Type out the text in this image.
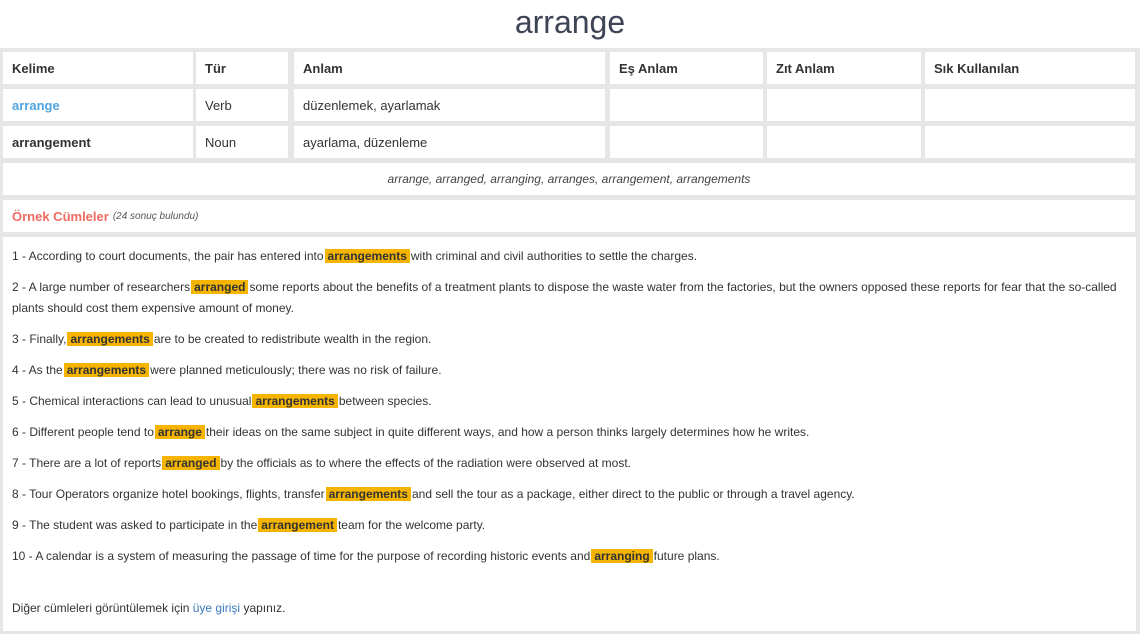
arrange
Kelime	Tür	Anlam	Eş Anlam	Zıt Anlam	Sık Kullanılan
arrange	Verb	düzenlemek, ayarlamak
arrangement	Noun	ayarlama, düzenleme
arrange, arranged, arranging, arranges, arrangement, arrangements
Örnek Cümleler (24 sonuç bulundu)
1 - According to court documents, the pair has entered into arrangements with criminal and civil authorities to settle the charges.
2 - A large number of researchers arranged some reports about the benefits of a treatment plants to dispose the waste water from the factories, but the owners opposed these reports for fear that the so-called plants should cost them expensive amount of money.
3 - Finally, arrangements are to be created to redistribute wealth in the region.
4 - As the arrangements were planned meticulously; there was no risk of failure.
5 - Chemical interactions can lead to unusual arrangements between species.
6 - Different people tend to arrange their ideas on the same subject in quite different ways, and how a person thinks largely determines how he writes.
7 - There are a lot of reports arranged by the officials as to where the effects of the radiation were observed at most.
8 - Tour Operators organize hotel bookings, flights, transfer arrangements and sell the tour as a package, either direct to the public or through a travel agency.
9 - The student was asked to participate in the arrangement team for the welcome party.
10 - A calendar is a system of measuring the passage of time for the purpose of recording historic events and arranging future plans.
Diğer cümleleri görüntülemek için üye girişi yapınız.
